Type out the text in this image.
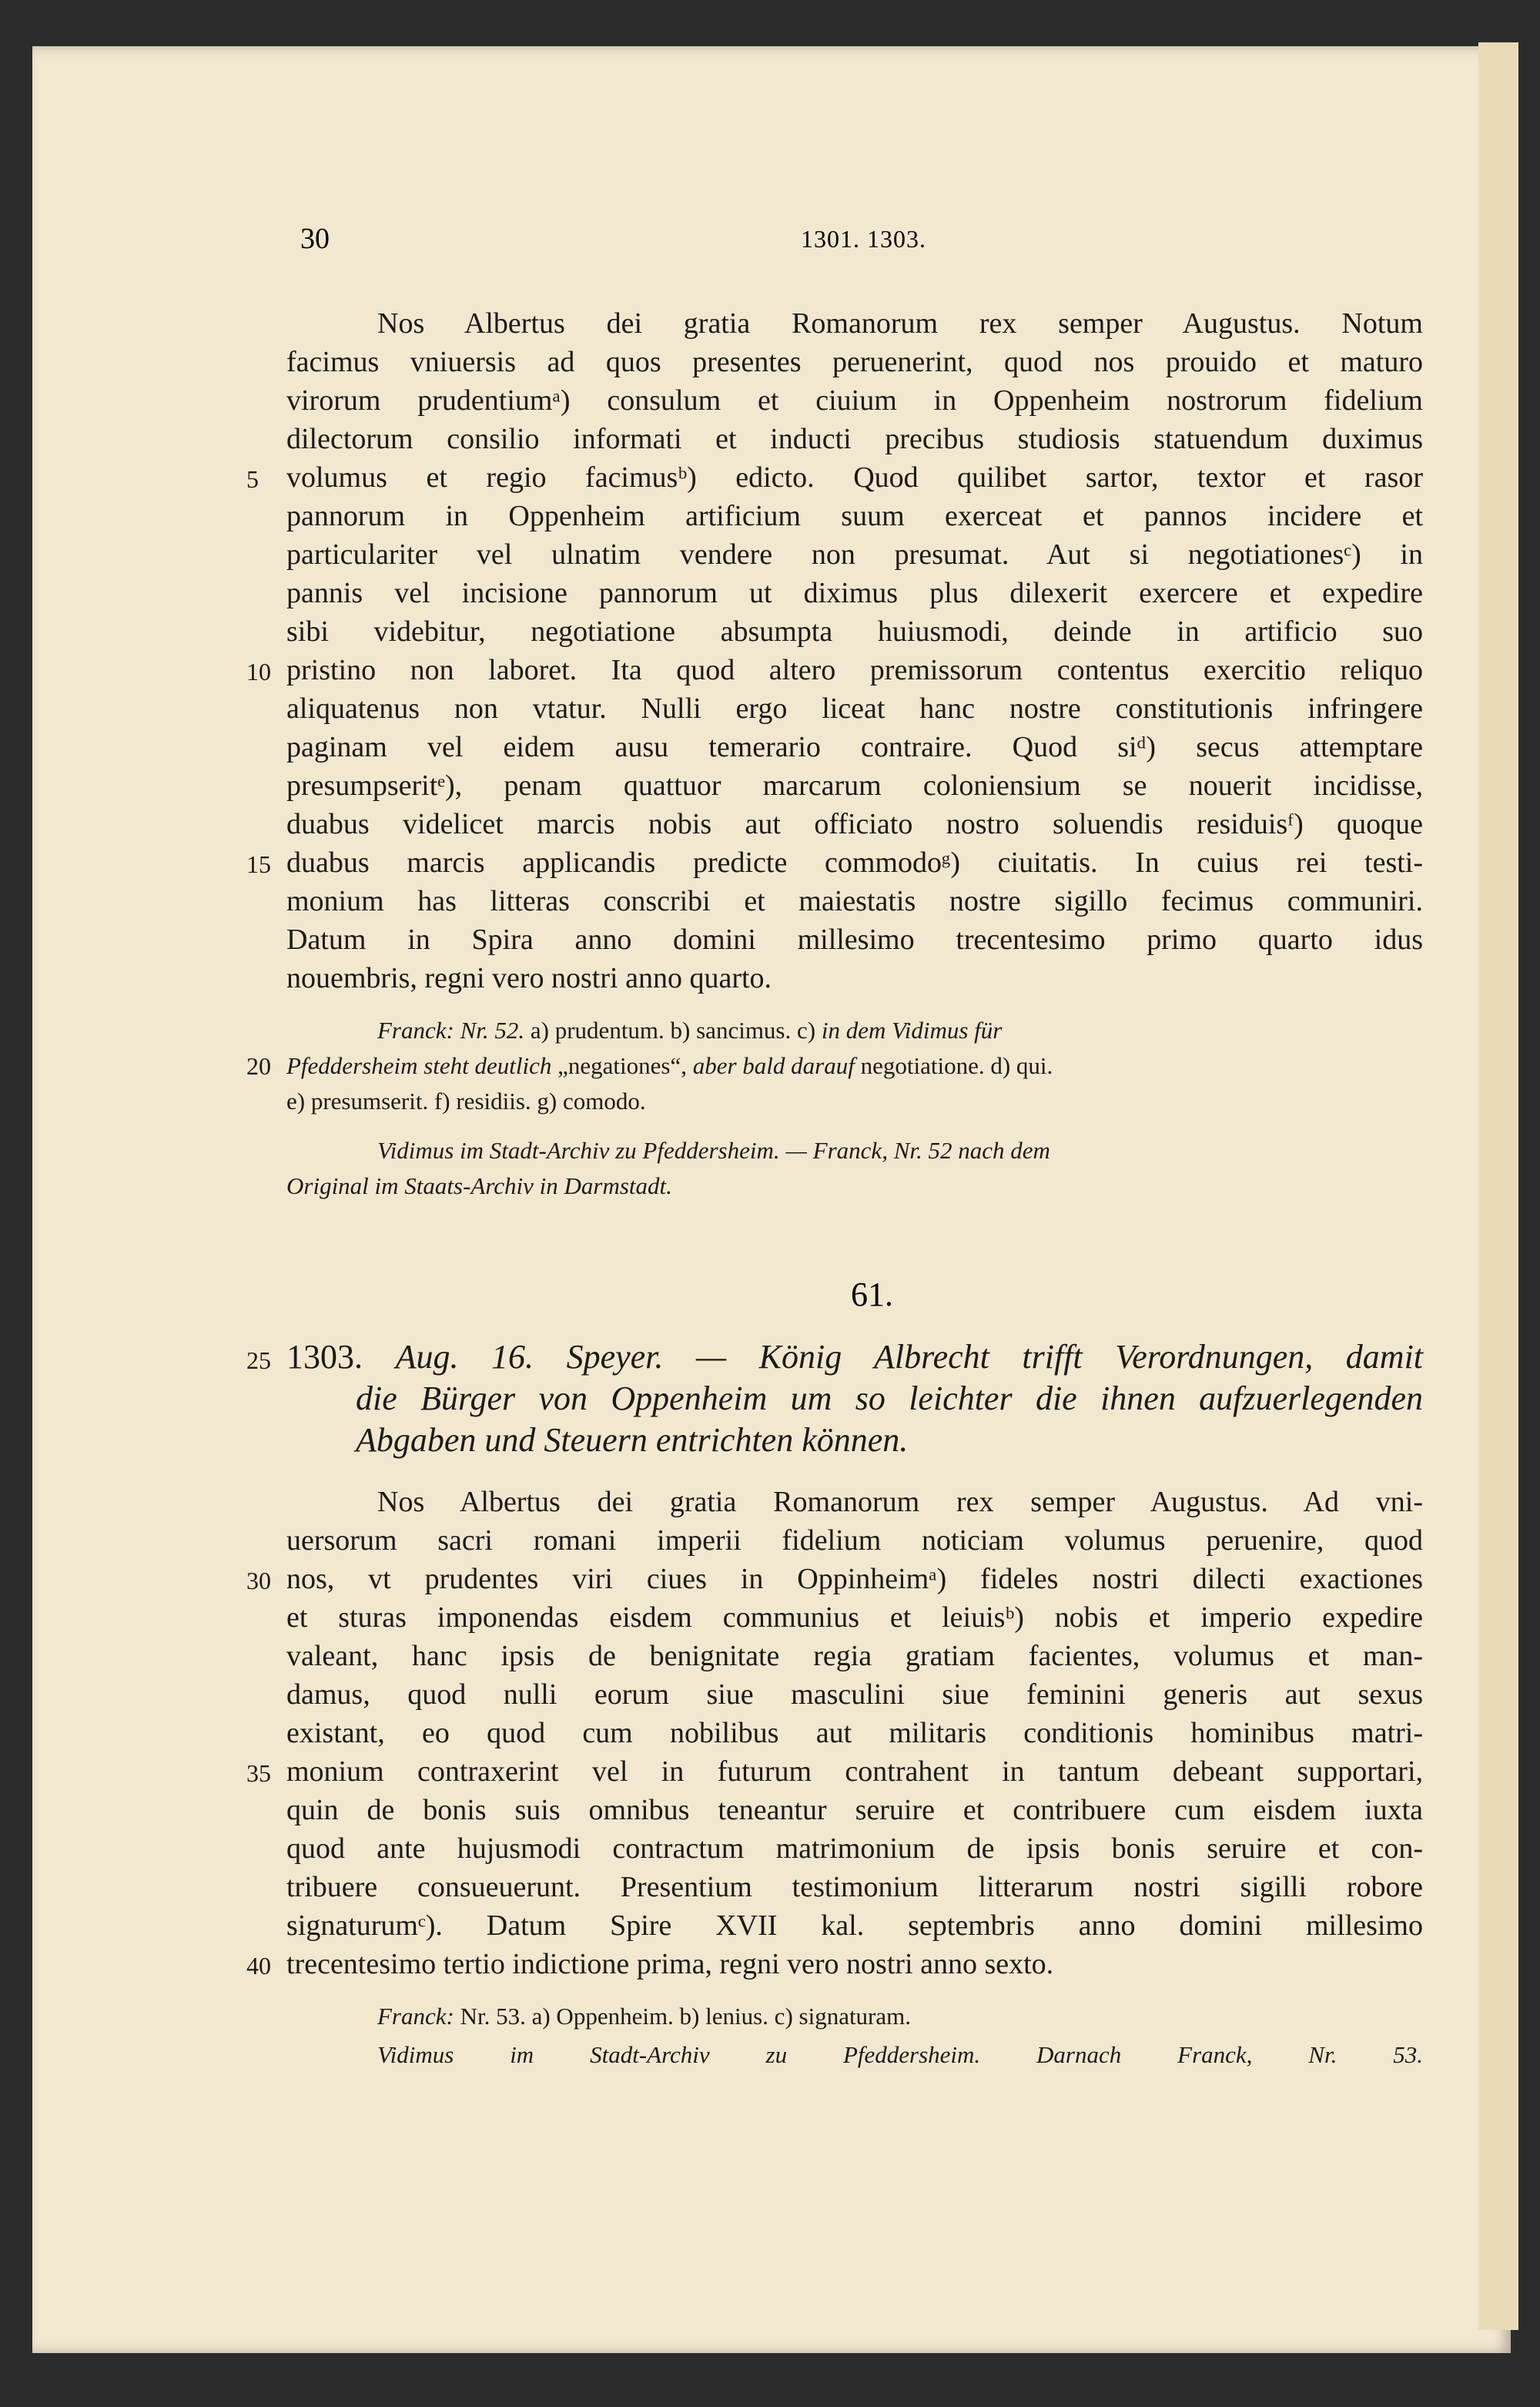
30	1301. 1303.
Nos Albertus dei gratia Romanorum rex semper Augustus. Notum
facimus vniuersis ad quos presentes peruenerint, quod nos prouido et maturo
virorum prudentiumᵃ) consulum et ciuium in Oppenheim nostrorum fidelium
dilectorum consilio informati et inducti precibus studiosis statuendum duximus
volumus et regio facimusᵇ) edicto. Quod quilibet sartor, textor et rasor
5
pannorum in Oppenheim artificium suum exerceat et pannos incidere et
particulariter vel ulnatim vendere non presumat. Aut si negotiationesᶜ) in
pannis vel incisione pannorum ut diximus plus dilexerit exercere et expedire
sibi videbitur, negotiatione absumpta huiusmodi, deinde in artificio suo
pristino non laboret. Ita quod altero premissorum contentus exercitio reliquo
10
aliquatenus non vtatur. Nulli ergo liceat hanc nostre constitutionis infringere
paginam vel eidem ausu temerario contraire. Quod siᵈ) secus attemptare
presumpseritᵉ), penam quattuor marcarum coloniensium se nouerit incidisse,
duabus videlicet marcis nobis aut officiato nostro soluendis residuisᶠ) quoque
duabus marcis applicandis predicte commodoᵍ) ciuitatis. In cuius rei testi-
15
monium has litteras conscribi et maiestatis nostre sigillo fecimus communiri.
Datum in Spira anno domini millesimo trecentesimo primo quarto idus
nouembris, regni vero nostri anno quarto.
Franck: Nr. 52. a) prudentum. b) sancimus. c) in dem Vidimus für
20 Pfeddersheim steht deutlich „negationes“, aber bald darauf negotiatione. d) qui.
e) presumserit. f) residiis. g) comodo.
Vidimus im Stadt-Archiv zu Pfeddersheim. — Franck, Nr. 52 nach dem
Original im Staats-Archiv in Darmstadt.
61.
25 1303. Aug. 16. Speyer. — König Albrecht trifft Verordnungen, damit
die Bürger von Oppenheim um so leichter die ihnen aufzuerlegenden
Abgaben und Steuern entrichten können.
Nos Albertus dei gratia Romanorum rex semper Augustus. Ad vni-
uersorum sacri romani imperii fidelium noticiam volumus peruenire, quod
nos, vt prudentes viri ciues in Oppinheimᵃ) fideles nostri dilecti exactiones
30
et sturas imponendas eisdem communius et leiuisᵇ) nobis et imperio expedire
valeant, hanc ipsis de benignitate regia gratiam facientes, volumus et man-
damus, quod nulli eorum siue masculini siue feminini generis aut sexus
existant, eo quod cum nobilibus aut militaris conditionis hominibus matri-
monium contraxerint vel in futurum contrahent in tantum debeant supportari,
35
quin de bonis suis omnibus teneantur seruire et contribuere cum eisdem iuxta
quod ante hujusmodi contractum matrimonium de ipsis bonis seruire et con-
tribuere consueuerunt. Presentium testimonium litterarum nostri sigilli robore
signaturumᶜ). Datum Spire XVII kal. septembris anno domini millesimo
trecentesimo tertio indictione prima, regni vero nostri anno sexto.
40
Franck: Nr. 53. a) Oppenheim. b) lenius. c) signaturam.
Vidimus im Stadt-Archiv zu Pfeddersheim. Darnach Franck, Nr. 53.
